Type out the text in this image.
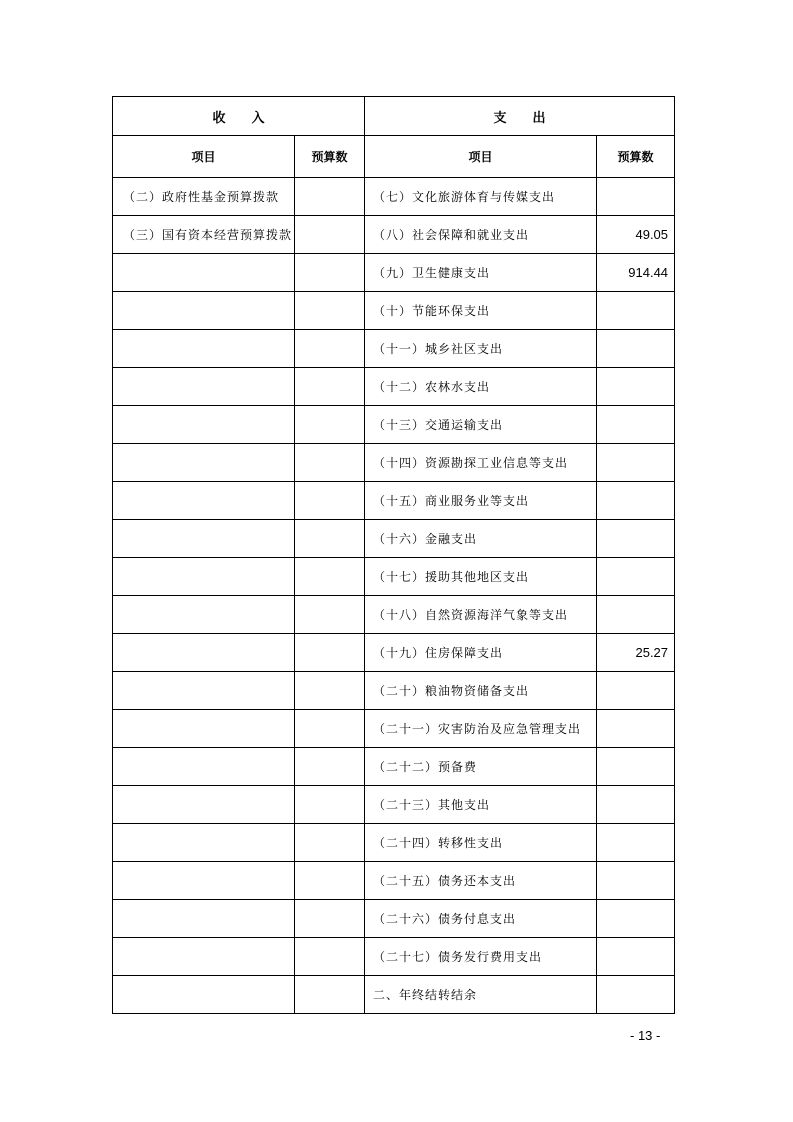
收　　入		支　　出	
项目	预算数	项目	预算数
（二）政府性基金预算拨款		（七）文化旅游体育与传媒支出	
（三）国有资本经营预算拨款		（八）社会保障和就业支出	49.05
		（九）卫生健康支出	914.44
		（十）节能环保支出	
		（十一）城乡社区支出	
		（十二）农林水支出	
		（十三）交通运输支出	
		（十四）资源勘探工业信息等支出	
		（十五）商业服务业等支出	
		（十六）金融支出	
		（十七）援助其他地区支出	
		（十八）自然资源海洋气象等支出	
		（十九）住房保障支出	25.27
		（二十）粮油物资储备支出	
		（二十一）灾害防治及应急管理支出	
		（二十二）预备费	
		（二十三）其他支出	
		（二十四）转移性支出	
		（二十五）债务还本支出	
		（二十六）债务付息支出	
		（二十七）债务发行费用支出	
		二、年终结转结余	
- 13 -
